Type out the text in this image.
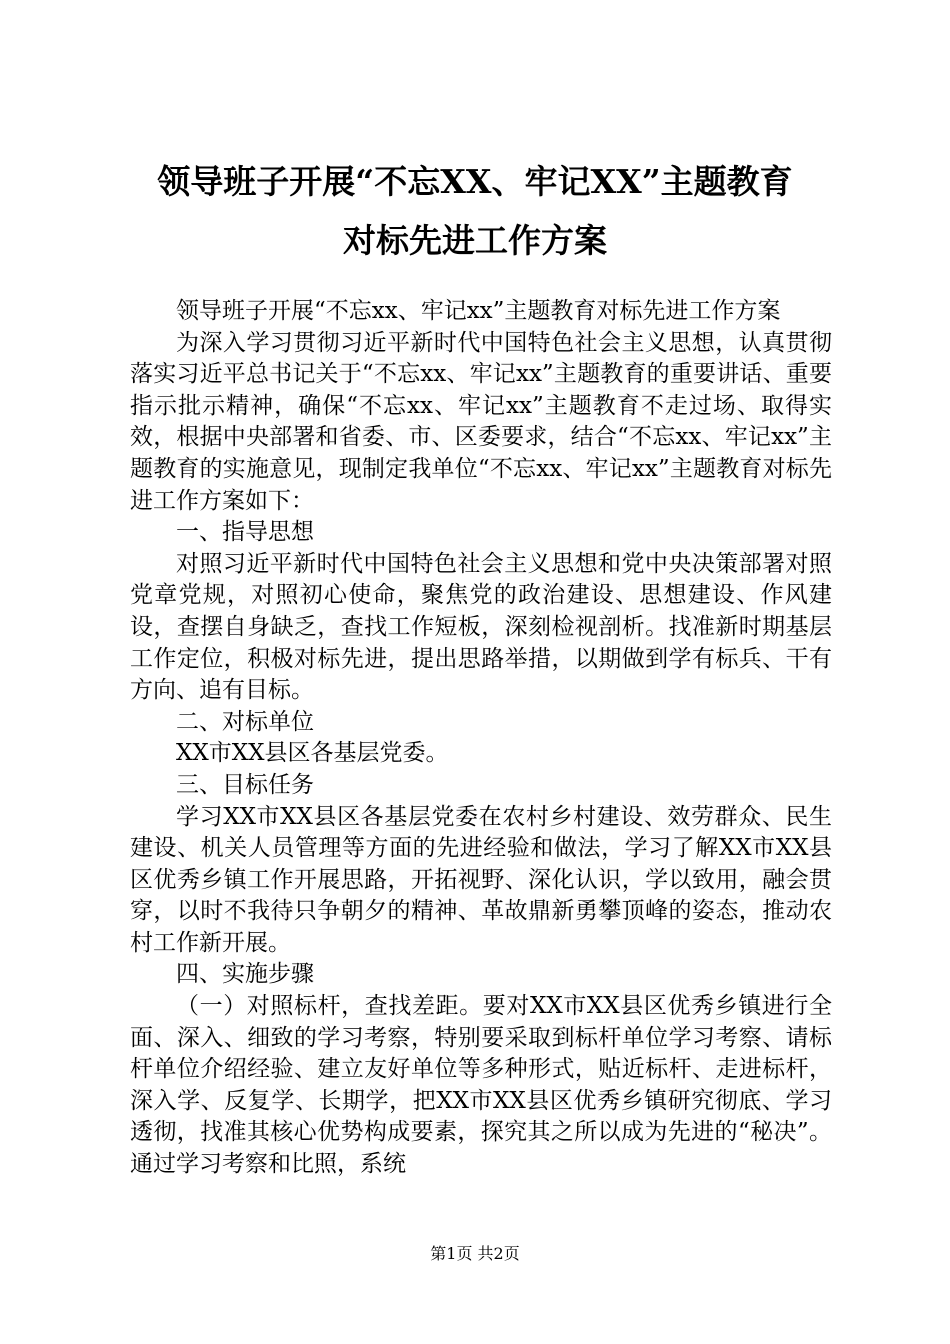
领导班子开展“不忘XX、牢记XX”主题教育
对标先进工作方案

领导班子开展“不忘xx、牢记xx”主题教育对标先进工作方案

为深入学习贯彻习近平新时代中国特色社会主义思想，认真贯彻落实习近平总书记关于“不忘xx、牢记xx”主题教育的重要讲话、重要指示批示精神，确保“不忘xx、牢记xx”主题教育不走过场、取得实效，根据中央部署和省委、市、区委要求，结合“不忘xx、牢记xx”主题教育的实施意见，现制定我单位“不忘xx、牢记xx”主题教育对标先进工作方案如下：

一、指导思想

对照习近平新时代中国特色社会主义思想和党中央决策部署对照党章党规，对照初心使命，聚焦党的政治建设、思想建设、作风建设，查摆自身缺乏，查找工作短板，深刻检视剖析。找准新时期基层工作定位，积极对标先进，提出思路举措，以期做到学有标兵、干有方向、追有目标。

二、对标单位

XX市XX县区各基层党委。

三、目标任务

学习XX市XX县区各基层党委在农村乡村建设、效劳群众、民生建设、机关人员管理等方面的先进经验和做法，学习了解XX市XX县区优秀乡镇工作开展思路，开拓视野、深化认识，学以致用，融会贯穿，以时不我待只争朝夕的精神、革故鼎新勇攀顶峰的姿态，推动农村工作新开展。

四、实施步骤

（一）对照标杆，查找差距。要对XX市XX县区优秀乡镇进行全面、深入、细致的学习考察，特别要采取到标杆单位学习考察、请标杆单位介绍经验、建立友好单位等多种形式，贴近标杆、走进标杆，深入学、反复学、长期学，把XX市XX县区优秀乡镇研究彻底、学习透彻，找准其核心优势构成要素，探究其之所以成为先进的“秘决”。通过学习考察和比照，系统

第1页 共2页
